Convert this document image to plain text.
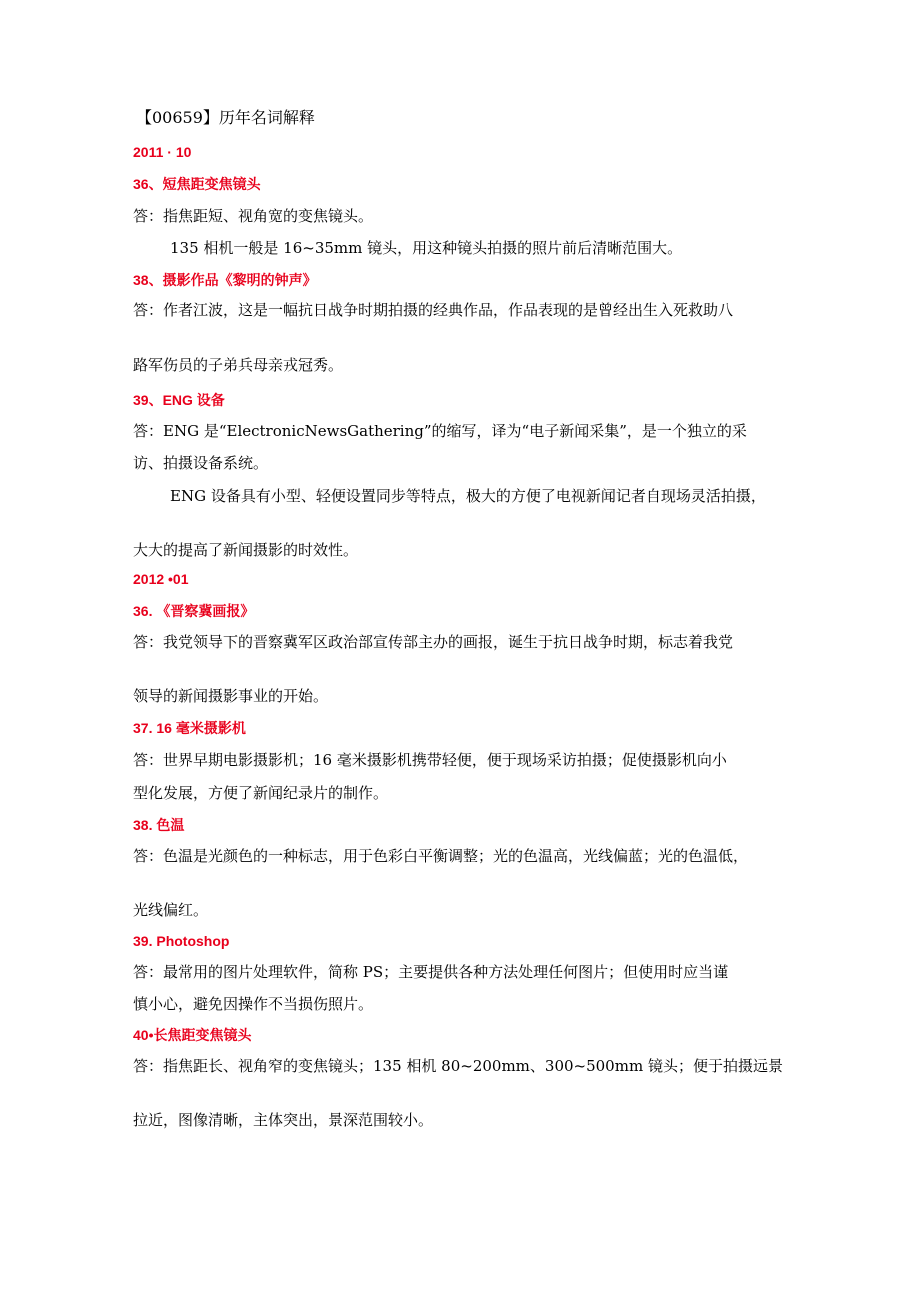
【00659】历年名词解释
2011 · 10
36、短焦距变焦镜头
答：指焦距短、视角宽的变焦镜头。
135 相机一般是 16~35mm 镜头，用这种镜头拍摄的照片前后清晰范围大。
38、摄影作品《黎明的钟声》
答：作者江波，这是一幅抗日战争时期拍摄的经典作品，作品表现的是曾经出生入死救助八
路军伤员的子弟兵母亲戎冠秀。
39、ENG 设备
答：ENG 是“ElectronicNewsGathering”的缩写，译为“电子新闻采集”，是一个独立的采
访、拍摄设备系统。
ENG 设备具有小型、轻便设置同步等特点，极大的方便了电视新闻记者自现场灵活拍摄，
大大的提高了新闻摄影的时效性。
2012 •01
36. 《晋察冀画报》
答：我党领导下的晋察冀军区政治部宣传部主办的画报，诞生于抗日战争时期，标志着我党
领导的新闻摄影事业的开始。
37. 16 毫米摄影机
答：世界早期电影摄影机；16 毫米摄影机携带轻便，便于现场采访拍摄；促使摄影机向小
型化发展，方便了新闻纪录片的制作。
38. 色温
答：色温是光颜色的一种标志，用于色彩白平衡调整；光的色温高，光线偏蓝；光的色温低，
光线偏红。
39. Photoshop
答：最常用的图片处理软件，简称 PS；主要提供各种方法处理任何图片；但使用时应当谨
慎小心，避免因操作不当损伤照片。
40•长焦距变焦镜头
答：指焦距长、视角窄的变焦镜头；135 相机 80~200mm、300~500mm 镜头；便于拍摄远景
拉近，图像清晰，主体突出，景深范围较小。
